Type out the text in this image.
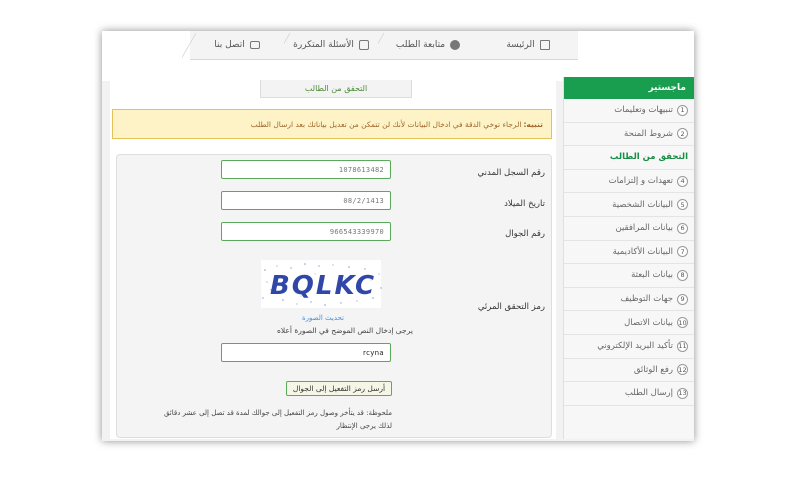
الرئيسة
متابعة الطلب
الأسئلة المتكررة
اتصل بنا
ماجستير
1
تنبيهات وتعليمات
2
شروط المنحة
التحقق من الطالب
4
تعهدات و إلتزامات
5
البيانات الشخصية
6
بيانات المرافقين
7
البيانات الأكاديمية
8
بيانات البعثة
9
جهات التوظيف
10
بيانات الاتصال
11
تأكيد البريد الإلكتروني
12
رفع الوثائق
13
إرسال الطلب
التحقق من الطالب
تنبيه:
الرجاء توخي الدقة في ادخال البيانات لأنك لن تتمكن من تعديل بياناتك بعد ارسال الطلب
رقم السجل المدني
1078613482
تاريخ الميلاد
08/2/1413
رقم الجوال
966543339970
رمز التحقق المرئي
BQLKC
تحديث الصورة
يرجى إدخال النص الموضح في الصورة أعلاه
rcyna
أرسل رمز التفعيل إلى الجوال
ملحوظة: قد يتأخر وصول رمز التفعيل إلى جوالك لمدة قد تصل إلى عشر دقائق
لذلك يرجى الإنتظار
